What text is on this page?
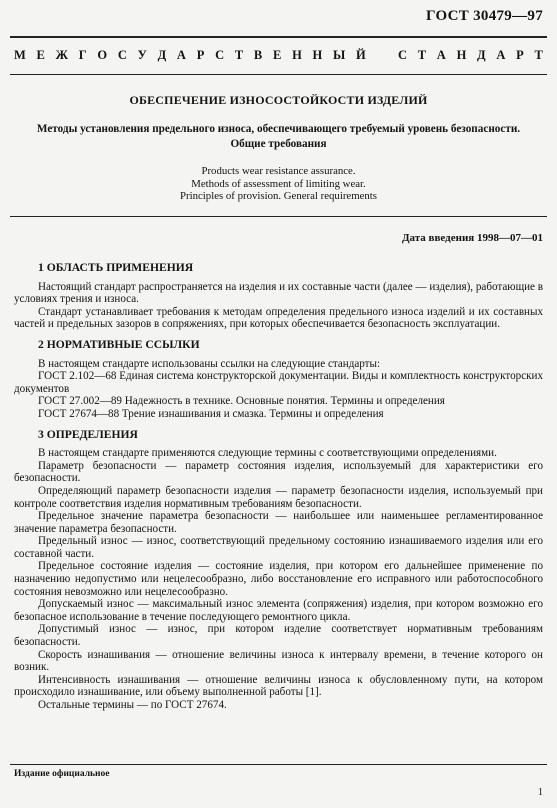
ГОСТ 30479—97
М Е Ж Г О С У Д А Р С Т В Е Н Н Ы Й	С Т А Н Д А Р Т
ОБЕСПЕЧЕНИЕ ИЗНОСОСТОЙКОСТИ ИЗДЕЛИЙ
Методы установления предельного износа, обеспечивающего требуемый уровень безопасности.
Общие требования
Products wear resistance assurance.
Methods of assessment of limiting wear.
Principles of provision. General requirements
Дата введения 1998—07—01
1 ОБЛАСТЬ ПРИМЕНЕНИЯ

Настоящий стандарт распространяется на изделия и их составные части (далее — изделия), работающие в условиях трения и износа.

Стандарт устанавливает требования к методам определения предельного износа изделий и их составных частей и предельных зазоров в сопряжениях, при которых обеспечивается безопасность эксплуатации.

2 НОРМАТИВНЫЕ ССЫЛКИ

В настоящем стандарте использованы ссылки на следующие стандарты:

ГОСТ 2.102—68 Единая система конструкторской документации. Виды и комплектность конструкторских документов

ГОСТ 27.002—89 Надежность в технике. Основные понятия. Термины и определения

ГОСТ 27674—88 Трение изнашивания и смазка. Термины и определения

3 ОПРЕДЕЛЕНИЯ

В настоящем стандарте применяются следующие термины с соответствующими определениями.

Параметр безопасности — параметр состояния изделия, используемый для характеристики его безопасности.

Определяющий параметр безопасности изделия — параметр безопасности изделия, используемый при контроле соответствия изделия нормативным требованиям безопасности.

Предельное значение параметра безопасности — наибольшее или наименьшее регламентированное значение параметра безопасности.

Предельный износ — износ, соответствующий предельному состоянию изнашиваемого изделия или его составной части.

Предельное состояние изделия — состояние изделия, при котором его дальнейшее применение по назначению недопустимо или нецелесообразно, либо восстановление его исправного или работоспособного состояния невозможно или нецелесообразно.

Допускаемый износ — максимальный износ элемента (сопряжения) изделия, при котором возможно его безопасное использование в течение последующего ремонтного цикла.

Допустимый износ — износ, при котором изделие соответствует нормативным требованиям безопасности.

Скорость изнашивания — отношение величины износа к интервалу времени, в течение которого он возник.

Интенсивность изнашивания — отношение величины износа к обусловленному пути, на котором происходило изнашивание, или объему выполненной работы [1].

Остальные термины — по ГОСТ 27674.

Издание официальное
1
